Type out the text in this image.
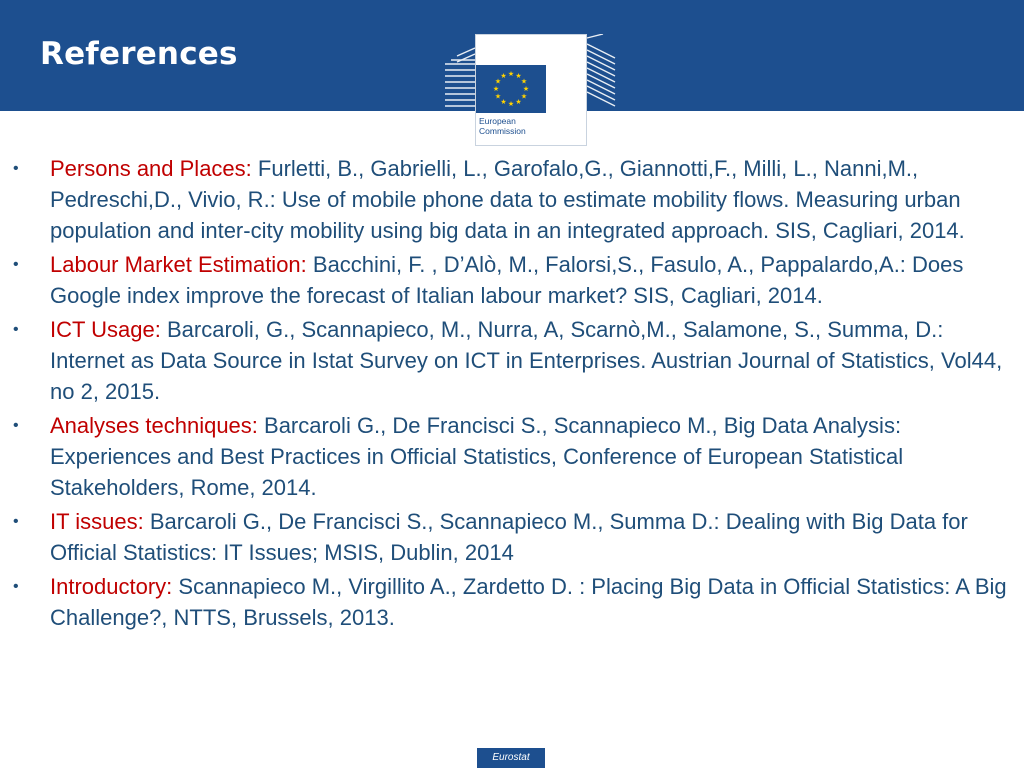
References
★ ★
★
★
★
★
★
★
★
★
★
★
European
Commission
• Persons and Places: Furletti, B., Gabrielli, L., Garofalo,G., Giannotti,F., Milli, L., Nanni,M., Pedreschi,D., Vivio, R.: Use of mobile phone data to estimate mobility flows. Measuring urban population and inter-city mobility using big data in an integrated approach. SIS, Cagliari, 2014.
• Labour Market Estimation: Bacchini, F. , D’Alò, M., Falorsi,S., Fasulo, A., Pappalardo,A.: Does Google index improve the forecast of Italian labour market? SIS, Cagliari, 2014.
• ICT Usage: Barcaroli, G., Scannapieco, M., Nurra, A, Scarnò,M., Salamone, S., Summa, D.: Internet as Data Source in Istat Survey on ICT in Enterprises. Austrian Journal of Statistics, Vol44, no 2, 2015.
• Analyses techniques: Barcaroli G., De Francisci S., Scannapieco M., Big Data Analysis: Experiences and Best Practices in Official Statistics, Conference of European Statistical Stakeholders, Rome, 2014.
• IT issues: Barcaroli G., De Francisci S., Scannapieco M., Summa D.: Dealing with Big Data for Official Statistics: IT Issues; MSIS, Dublin, 2014
• Introductory: Scannapieco M., Virgillito A., Zardetto D. : Placing Big Data in Official Statistics: A Big Challenge?, NTTS, Brussels, 2013.
Eurostat
